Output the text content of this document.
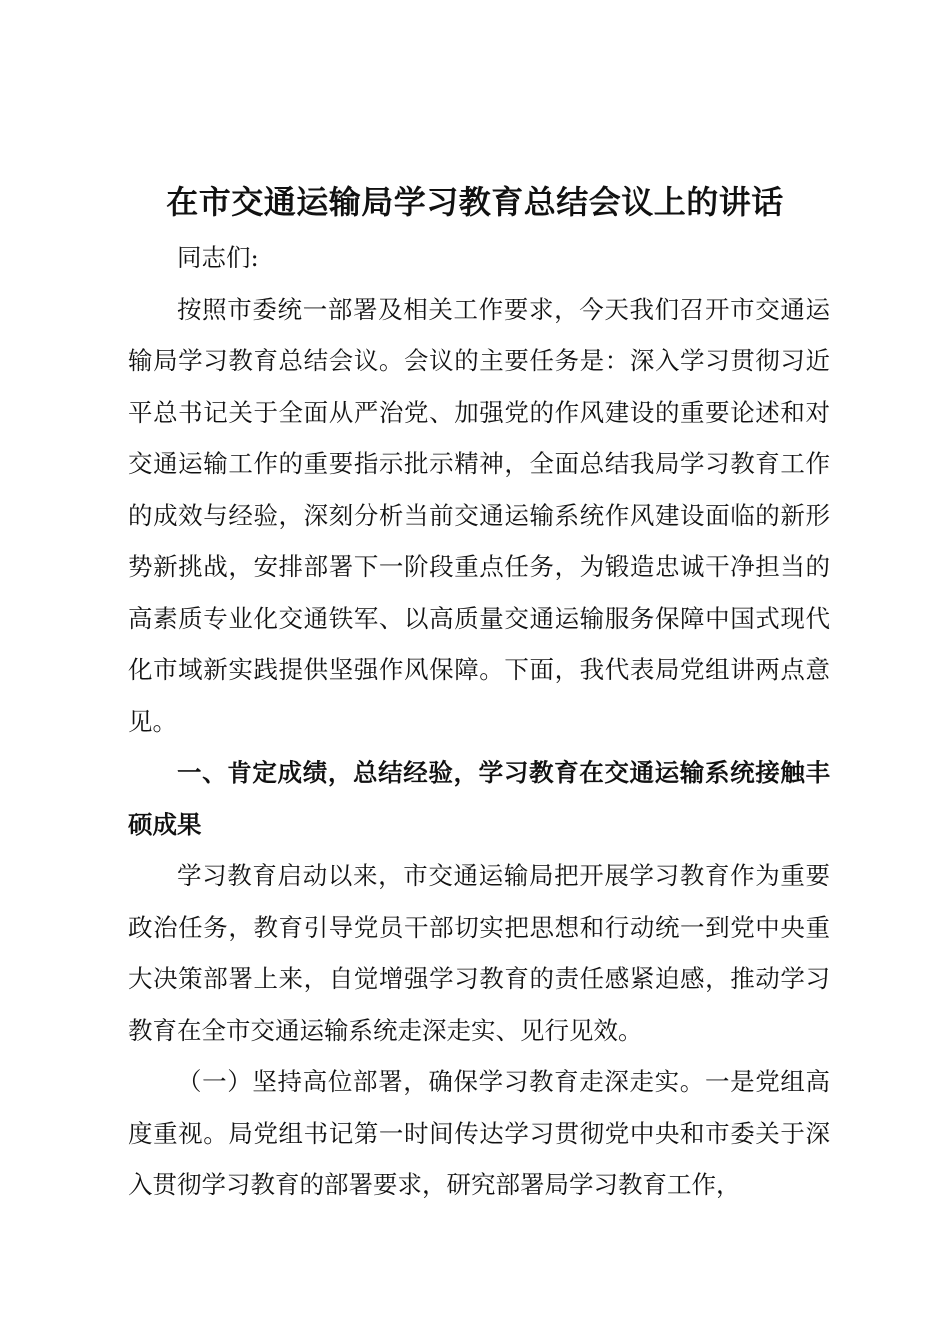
在市交通运输局学习教育总结会议上的讲话

同志们:

按照市委统一部署及相关工作要求，今天我们召开市交通运输局学习教育总结会议。会议的主要任务是：深入学习贯彻习近平总书记关于全面从严治党、加强党的作风建设的重要论述和对交通运输工作的重要指示批示精神，全面总结我局学习教育工作的成效与经验，深刻分析当前交通运输系统作风建设面临的新形势新挑战，安排部署下一阶段重点任务，为锻造忠诚干净担当的高素质专业化交通铁军、以高质量交通运输服务保障中国式现代化市域新实践提供坚强作风保障。下面，我代表局党组讲两点意见。

一、肯定成绩，总结经验，学习教育在交通运输系统接触丰硕成果

学习教育启动以来，市交通运输局把开展学习教育作为重要政治任务，教育引导党员干部切实把思想和行动统一到党中央重大决策部署上来，自觉增强学习教育的责任感紧迫感，推动学习教育在全市交通运输系统走深走实、见行见效。

（一）坚持高位部署，确保学习教育走深走实。一是党组高度重视。局党组书记第一时间传达学习贯彻党中央和市委关于深入贯彻学习教育的部署要求，研究部署局学习教育工作，
